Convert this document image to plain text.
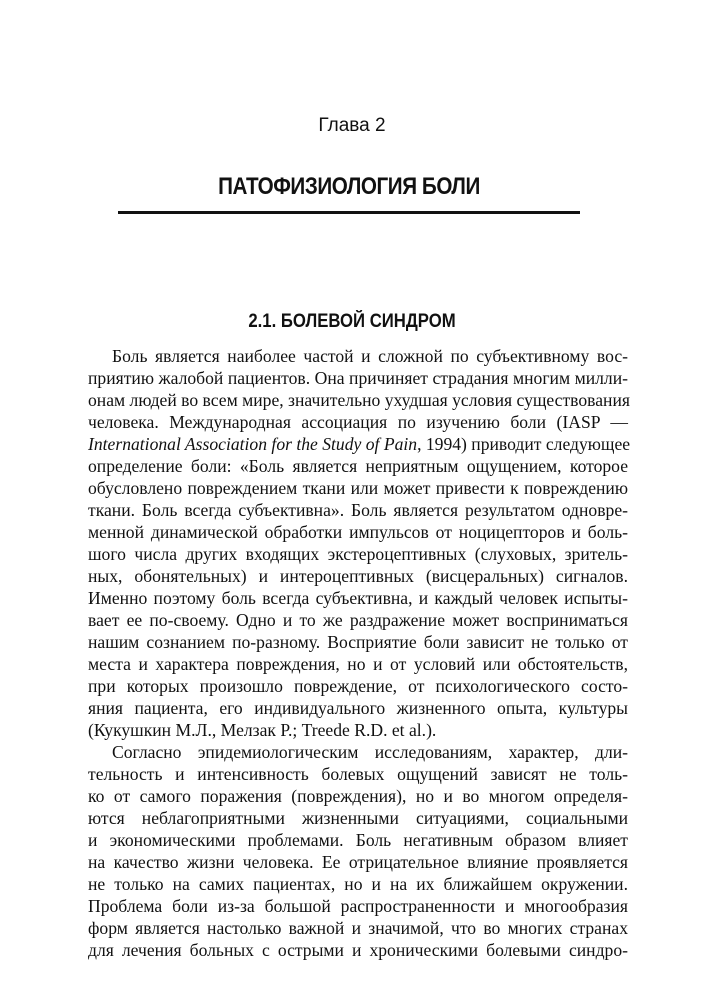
Глава 2
ПАТОФИЗИОЛОГИЯ БОЛИ
2.1. БОЛЕВОЙ СИНДРОМ
Боль является наиболее частой и сложной по субъективному вос-
приятию жалобой пациентов. Она причиняет страдания многим милли-
онам людей во всем мире, значительно ухудшая условия существования
человека. Международная ассоциация по изучению боли (IASP —
International Association for the Study of Pain, 1994) приводит следующее
определение боли: «Боль является неприятным ощущением, которое
обусловлено повреждением ткани или может привести к повреждению
ткани. Боль всегда субъективна». Боль является результатом одновре-
менной динамической обработки импульсов от ноцицепторов и боль-
шого числа других входящих экстероцептивных (слуховых, зритель-
ных, обонятельных) и интероцептивных (висцеральных) сигналов.
Именно поэтому боль всегда субъективна, и каждый человек испыты-
вает ее по-своему. Одно и то же раздражение может восприниматься
нашим сознанием по-разному. Восприятие боли зависит не только от
места и характера повреждения, но и от условий или обстоятельств,
при которых произошло повреждение, от психологического состо-
яния пациента, его индивидуального жизненного опыта, культуры
(Кукушкин М.Л., Мелзак Р.; Treede R.D. et al.).
Согласно эпидемиологическим исследованиям, характер, дли-
тельность и интенсивность болевых ощущений зависят не толь-
ко от самого поражения (повреждения), но и во многом определя-
ются неблагоприятными жизненными ситуациями, социальными
и экономическими проблемами. Боль негативным образом влияет
на качество жизни человека. Ее отрицательное влияние проявляется
не только на самих пациентах, но и на их ближайшем окружении.
Проблема боли из-за большой распространенности и многообразия
форм является настолько важной и значимой, что во многих странах
для лечения больных с острыми и хроническими болевыми синдро-
